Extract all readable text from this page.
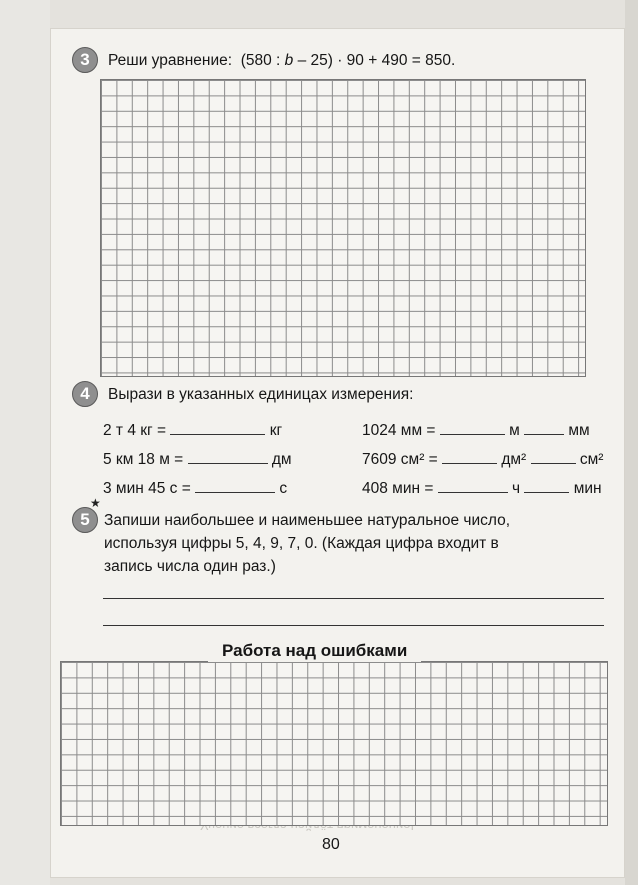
3	Реши уравнение: (580 : b – 25) · 90 + 490 = 850.
4	Вырази в указанных единицах измерения:
2 т 4 кг =	кг	1024 мм =	м	мм
5 км 18 м =	дм	7609 см² =	дм²	см²
3 мин 45 с =	с	408 мин =	ч	мин
★
5 Запиши наибольшее и наименьшее натуральное число,
используя цифры 5, 4, 9, 7, 0. (Каждая цифра входит в
запись числа один раз.)
Работа над ошибками
80
